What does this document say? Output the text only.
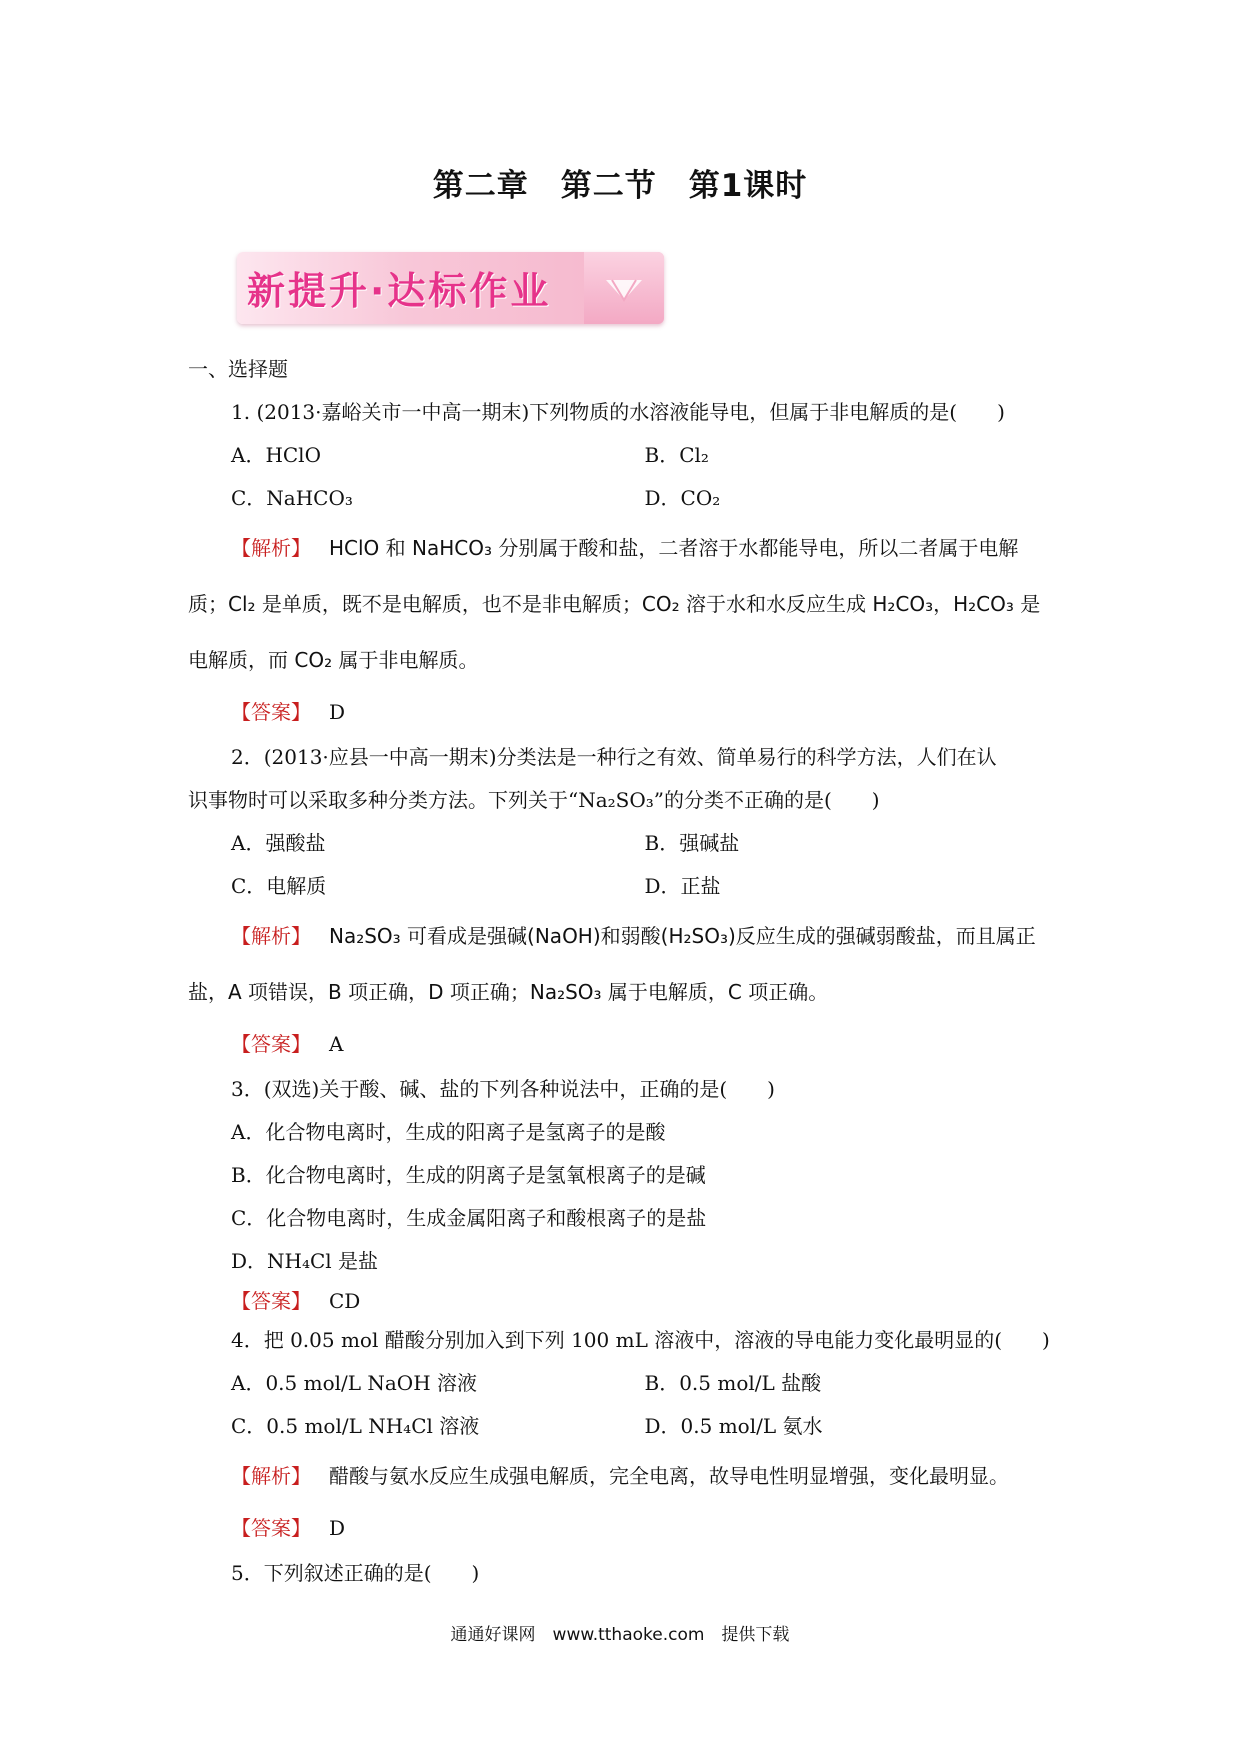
第二章　第二节　第1课时
新提升·达标作业
一、选择题
1. (2013·嘉峪关市一中高一期末)下列物质的水溶液能导电，但属于非电解质的是(　　)
A．HClO	B．Cl₂
C．NaHCO₃	D．CO₂
【解析】 HClO 和 NaHCO₃ 分别属于酸和盐，二者溶于水都能导电，所以二者属于电解质；Cl₂ 是单质，既不是电解质，也不是非电解质；CO₂ 溶于水和水反应生成 H₂CO₃，H₂CO₃ 是电解质，而 CO₂ 属于非电解质。
【答案】 D
2．(2013·应县一中高一期末)分类法是一种行之有效、简单易行的科学方法，人们在认
识事物时可以采取多种分类方法。下列关于“Na₂SO₃”的分类不正确的是(　　)
A．强酸盐	B．强碱盐
C．电解质	D．正盐
【解析】 Na₂SO₃ 可看成是强碱(NaOH)和弱酸(H₂SO₃)反应生成的强碱弱酸盐，而且属正盐，A 项错误，B 项正确，D 项正确；Na₂SO₃ 属于电解质，C 项正确。
【答案】 A
3．(双选)关于酸、碱、盐的下列各种说法中，正确的是(　　)
A．化合物电离时，生成的阳离子是氢离子的是酸
B．化合物电离时，生成的阴离子是氢氧根离子的是碱
C．化合物电离时，生成金属阳离子和酸根离子的是盐
D．NH₄Cl 是盐
【答案】 CD
4．把 0.05 mol 醋酸分别加入到下列 100 mL 溶液中，溶液的导电能力变化最明显的(　　)
A．0.5 mol/L NaOH 溶液	B．0.5 mol/L 盐酸
C．0.5 mol/L NH₄Cl 溶液	D．0.5 mol/L 氨水
【解析】 醋酸与氨水反应生成强电解质，完全电离，故导电性明显增强，变化最明显。
【答案】 D
5．下列叙述正确的是(　　)
通通好课网　www.tthaoke.com　提供下载
